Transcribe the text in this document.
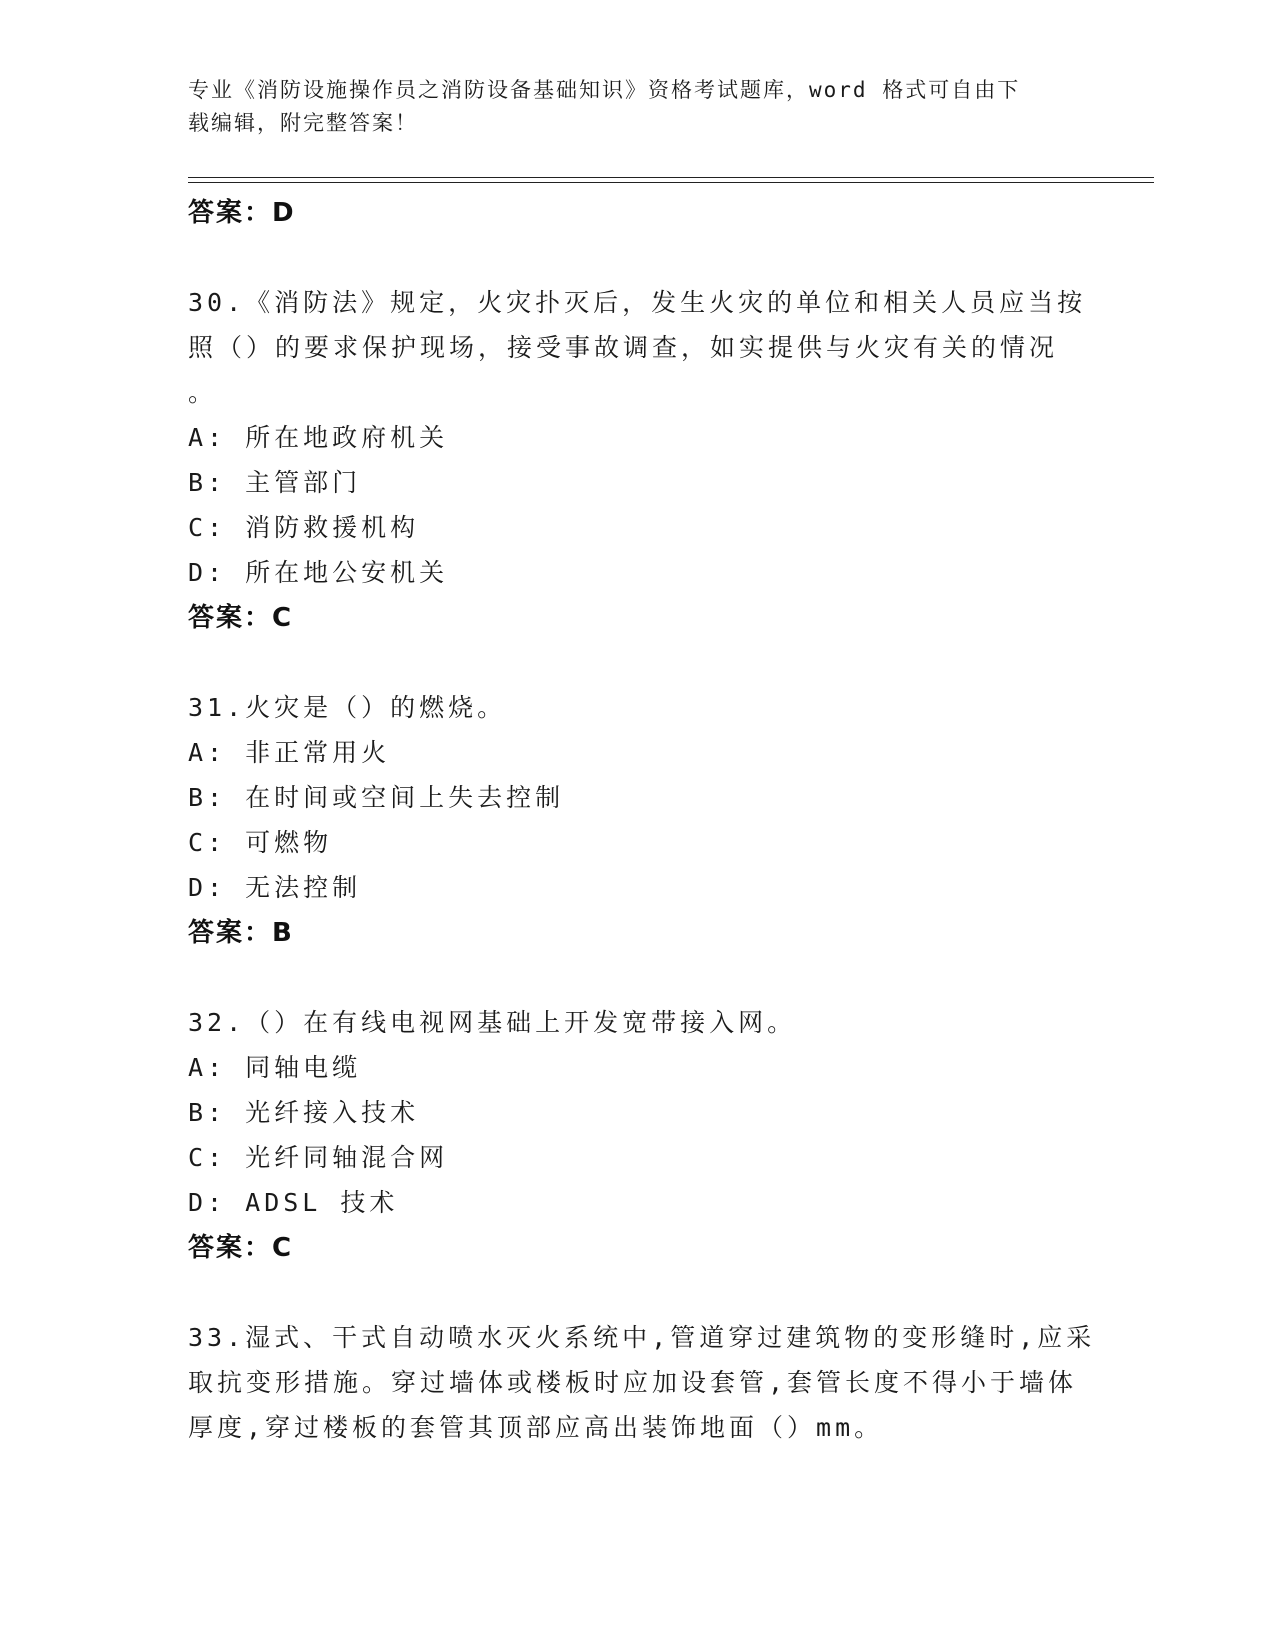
专业《消防设施操作员之消防设备基础知识》资格考试题库，word 格式可自由下
载编辑，附完整答案！
答案：D
30.《消防法》规定，火灾扑灭后，发生火灾的单位和相关人员应当按
照（）的要求保护现场，接受事故调查，如实提供与火灾有关的情况
。
A: 所在地政府机关
B: 主管部门
C: 消防救援机构
D: 所在地公安机关
答案：C
31.火灾是（）的燃烧。
A: 非正常用火
B: 在时间或空间上失去控制
C: 可燃物
D: 无法控制
答案：B
32.（）在有线电视网基础上开发宽带接入网。
A: 同轴电缆
B: 光纤接入技术
C: 光纤同轴混合网
D: ADSL 技术
答案：C
33.湿式、干式自动喷水灭火系统中,管道穿过建筑物的变形缝时,应采
取抗变形措施。穿过墙体或楼板时应加设套管,套管长度不得小于墙体
厚度,穿过楼板的套管其顶部应高出装饰地面（）mm。
